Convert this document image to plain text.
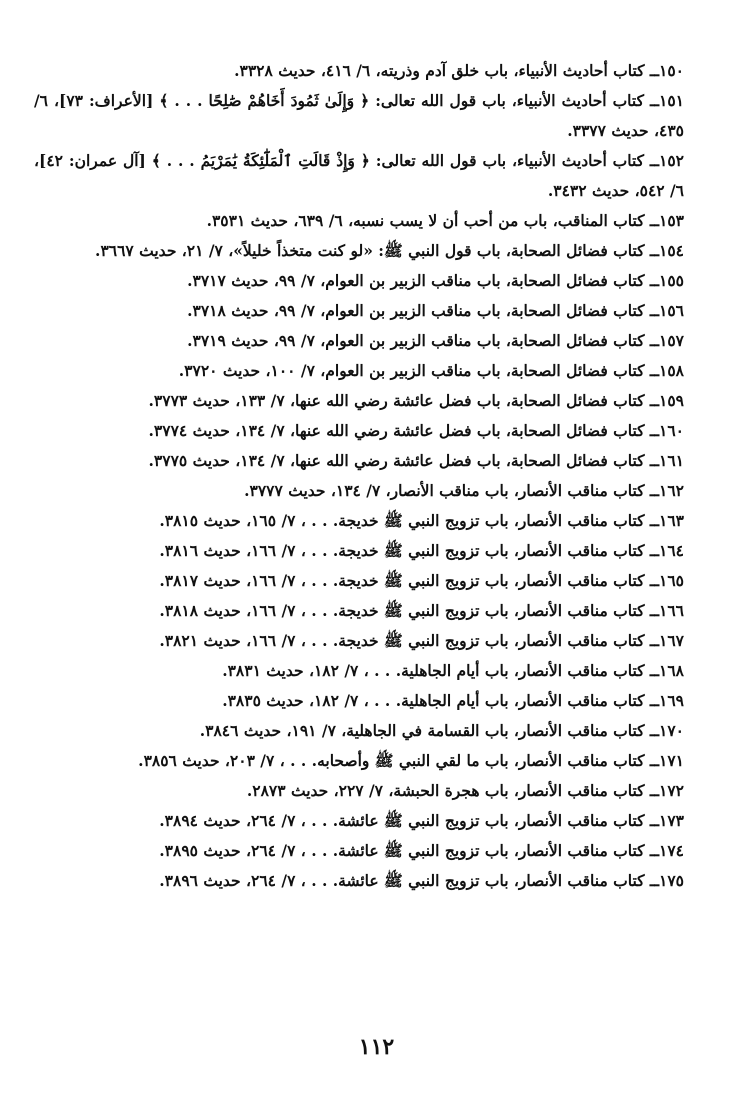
١٥٠ــ كتاب أحاديث الأنبياء، باب خلق آدم وذريته، ٦/ ٤١٦، حديث ٣٣٢٨.
١٥١ــ كتاب أحاديث الأنبياء، باب قول الله تعالى: ﴿ وَإِلَىٰ ثَمُودَ أَخَاهُمْ صَٰلِحًا . . . ﴾ [الأعراف: ٧٣]، ٦/ ٤٣٥، حديث ٣٣٧٧.
١٥٢ــ كتاب أحاديث الأنبياء، باب قول الله تعالى: ﴿ وَإِذْ قَالَتِ ٱلْمَلَٰٓئِكَةُ يَٰمَرْيَمُ . . . ﴾ [آل عمران: ٤٢]، ٦/ ٥٤٢، حديث ٣٤٣٢.
١٥٣ــ كتاب المناقب، باب من أحب أن لا يسب نسبه، ٦/ ٦٣٩، حديث ٣٥٣١.
١٥٤ــ كتاب فضائل الصحابة، باب قول النبي ﷺ: «لو كنت متخذاً خليلاً»، ٧/ ٢١، حديث ٣٦٦٧.
١٥٥ــ كتاب فضائل الصحابة، باب مناقب الزبير بن العوام، ٧/ ٩٩، حديث ٣٧١٧.
١٥٦ــ كتاب فضائل الصحابة، باب مناقب الزبير بن العوام، ٧/ ٩٩، حديث ٣٧١٨.
١٥٧ــ كتاب فضائل الصحابة، باب مناقب الزبير بن العوام، ٧/ ٩٩، حديث ٣٧١٩.
١٥٨ــ كتاب فضائل الصحابة، باب مناقب الزبير بن العوام، ٧/ ١٠٠، حديث ٣٧٢٠.
١٥٩ــ كتاب فضائل الصحابة، باب فضل عائشة رضي الله عنها، ٧/ ١٣٣، حديث ٣٧٧٣.
١٦٠ــ كتاب فضائل الصحابة، باب فضل عائشة رضي الله عنها، ٧/ ١٣٤، حديث ٣٧٧٤.
١٦١ــ كتاب فضائل الصحابة، باب فضل عائشة رضي الله عنها، ٧/ ١٣٤، حديث ٣٧٧٥.
١٦٢ــ كتاب مناقب الأنصار، باب مناقب الأنصار، ٧/ ١٣٤، حديث ٣٧٧٧.
١٦٣ــ كتاب مناقب الأنصار، باب تزويج النبي ﷺ خديجة. . . ، ٧/ ١٦٥، حديث ٣٨١٥.
١٦٤ــ كتاب مناقب الأنصار، باب تزويج النبي ﷺ خديجة. . . ، ٧/ ١٦٦، حديث ٣٨١٦.
١٦٥ــ كتاب مناقب الأنصار، باب تزويج النبي ﷺ خديجة. . . ، ٧/ ١٦٦، حديث ٣٨١٧.
١٦٦ــ كتاب مناقب الأنصار، باب تزويج النبي ﷺ خديجة. . . ، ٧/ ١٦٦، حديث ٣٨١٨.
١٦٧ــ كتاب مناقب الأنصار، باب تزويج النبي ﷺ خديجة. . . ، ٧/ ١٦٦، حديث ٣٨٢١.
١٦٨ــ كتاب مناقب الأنصار، باب أيام الجاهلية. . . ، ٧/ ١٨٢، حديث ٣٨٣١.
١٦٩ــ كتاب مناقب الأنصار، باب أيام الجاهلية. . . ، ٧/ ١٨٢، حديث ٣٨٣٥.
١٧٠ــ كتاب مناقب الأنصار، باب القسامة في الجاهلية، ٧/ ١٩١، حديث ٣٨٤٦.
١٧١ــ كتاب مناقب الأنصار، باب ما لقي النبي ﷺ وأصحابه. . . ، ٧/ ٢٠٣، حديث ٣٨٥٦.
١٧٢ــ كتاب مناقب الأنصار، باب هجرة الحبشة، ٧/ ٢٢٧، حديث ٢٨٧٣.
١٧٣ــ كتاب مناقب الأنصار، باب تزويج النبي ﷺ عائشة. . . ، ٧/ ٢٦٤، حديث ٣٨٩٤.
١٧٤ــ كتاب مناقب الأنصار، باب تزويج النبي ﷺ عائشة. . . ، ٧/ ٢٦٤، حديث ٣٨٩٥.
١٧٥ــ كتاب مناقب الأنصار، باب تزويج النبي ﷺ عائشة. . . ، ٧/ ٢٦٤، حديث ٣٨٩٦.
١١٢
